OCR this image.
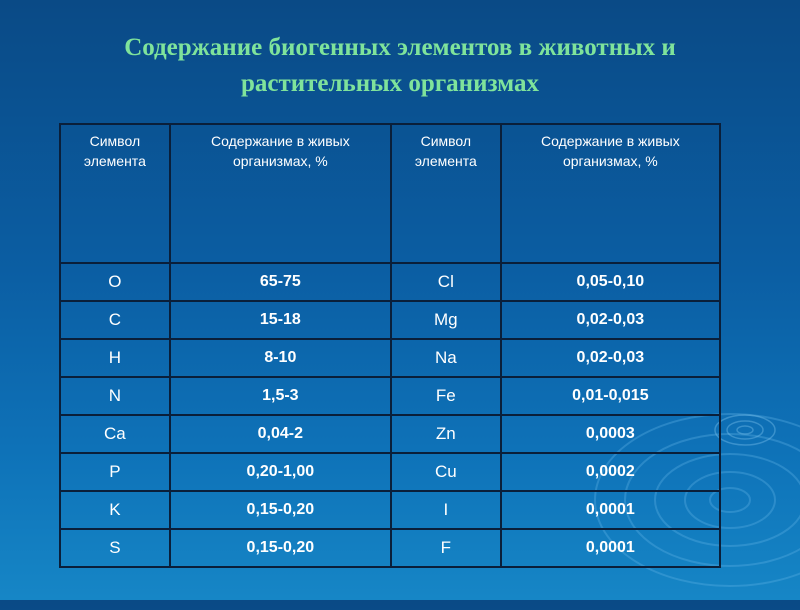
Содержание биогенных элементов в животных и
растительных организмах
Символ элемента	Содержание в живых организмах, %	Символ элемента	Содержание в живых организмах, %
O	65-75	Cl	0,05-0,10
C	15-18	Mg	0,02-0,03
H	8-10	Na	0,02-0,03
N	1,5-3	Fe	0,01-0,015
Ca	0,04-2	Zn	0,0003
P	0,20-1,00	Cu	0,0002
K	0,15-0,20	I	0,0001
S	0,15-0,20	F	0,0001
